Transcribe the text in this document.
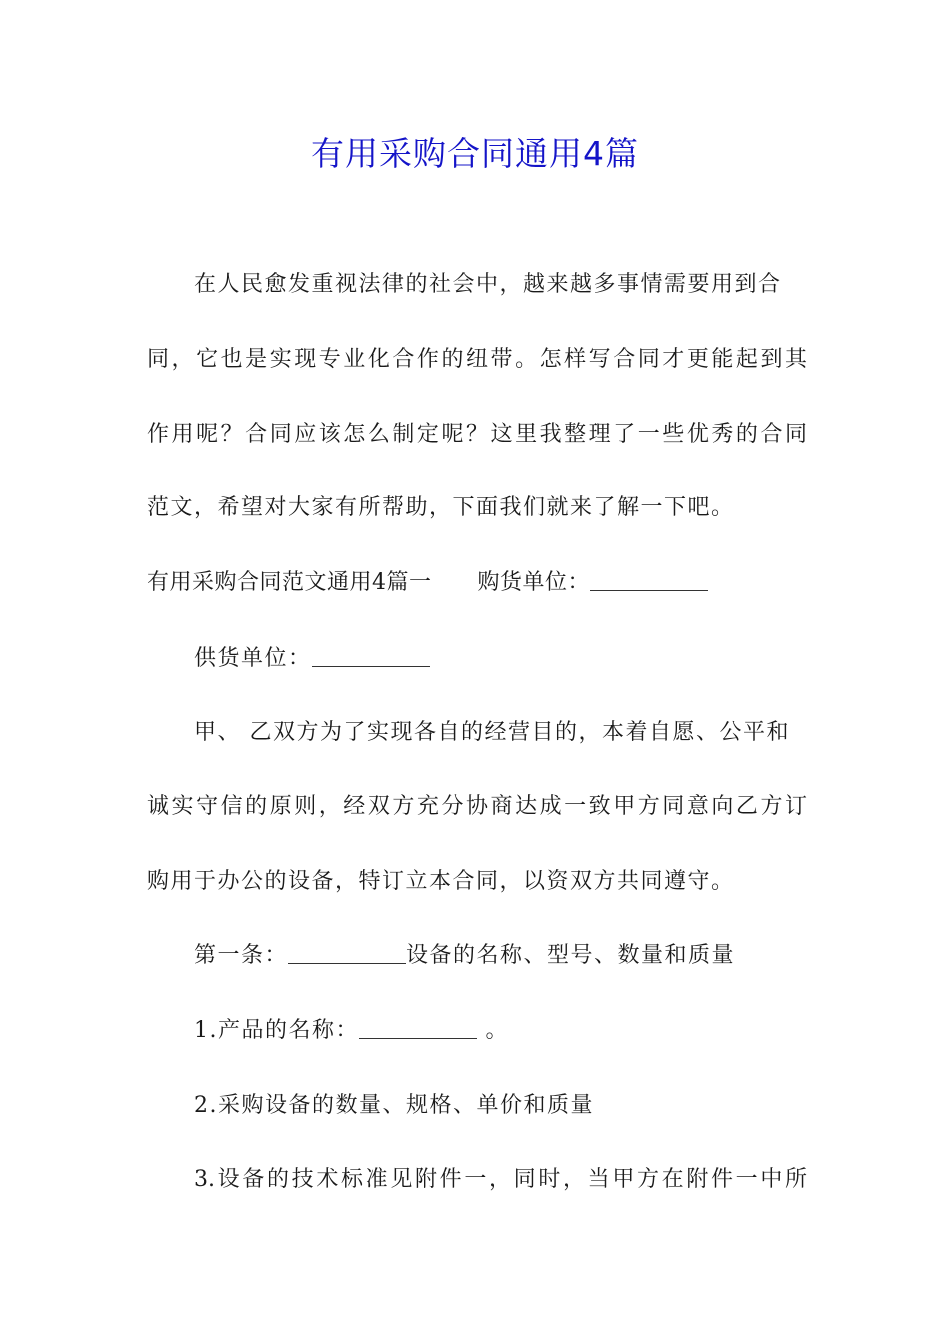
有用采购合同通用4篇
在人民愈发重视法律的社会中，越来越多事情需要用到合
同，它也是实现专业化合作的纽带。怎样写合同才更能起到其
作用呢？合同应该怎么制定呢？这里我整理了一些优秀的合同
范文，希望对大家有所帮助，下面我们就来了解一下吧。
有用采购合同范文通用4篇一 购货单位：
供货单位：
甲、 乙双方为了实现各自的经营目的，本着自愿、公平和
诚实守信的原则，经双方充分协商达成一致甲方同意向乙方订
购用于办公的设备，特订立本合同，以资双方共同遵守。
第一条：	设备的名称、型号、数量和质量
1.产品的名称：	。
2.采购设备的数量、规格、单价和质量
3.设备的技术标准见附件一，同时，当甲方在附件一中所
